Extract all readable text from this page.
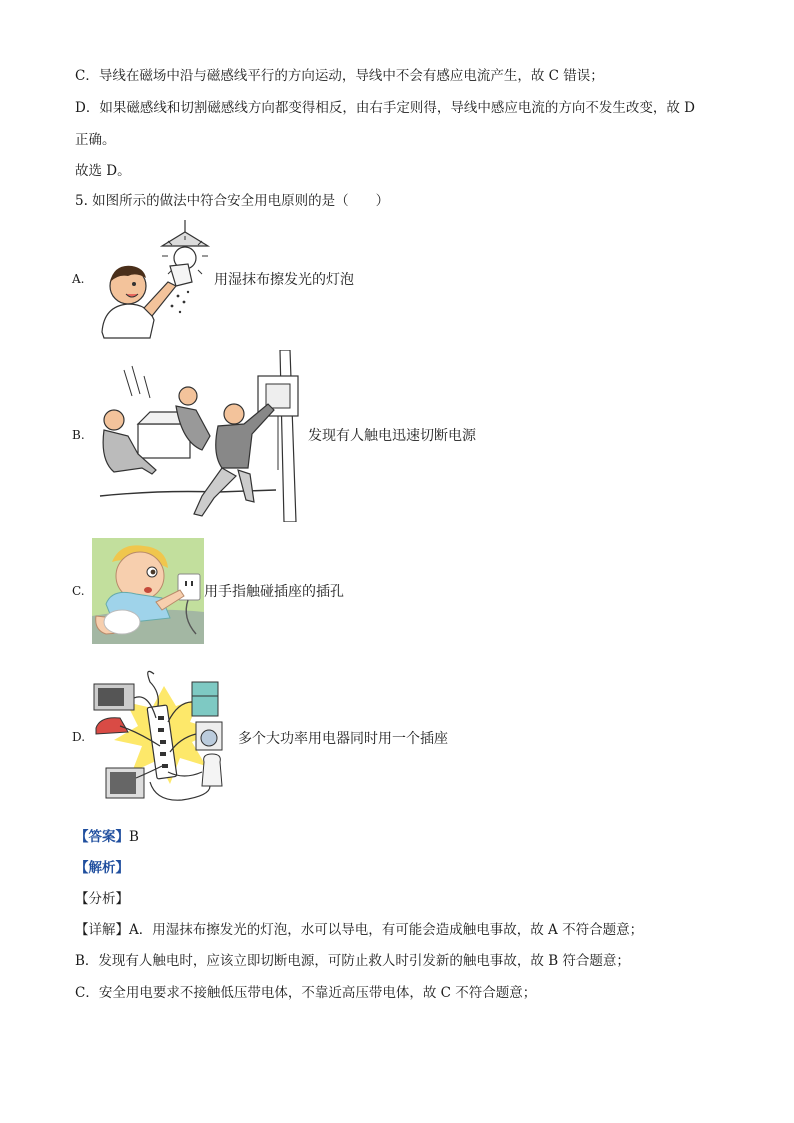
C．导线在磁场中沿与磁感线平行的方向运动，导线中不会有感应电流产生，故 C 错误；
D．如果磁感线和切割磁感线方向都变得相反，由右手定则得，导线中感应电流的方向不发生改变，故 D
正确。
故选 D。
5. 如图所示的做法中符合安全用电原则的是（　　）
A.	用湿抹布擦发光的灯泡
B.	发现有人触电迅速切断电源
C.	用手指触碰插座的插孔
D.	多个大功率用电器同时用一个插座
【答案】B
【解析】
【分析】
【详解】A．用湿抹布擦发光的灯泡，水可以导电，有可能会造成触电事故，故 A 不符合题意；
B．发现有人触电时，应该立即切断电源，可防止救人时引发新的触电事故，故 B 符合题意；
C．安全用电要求不接触低压带电体，不靠近高压带电体，故 C 不符合题意；
